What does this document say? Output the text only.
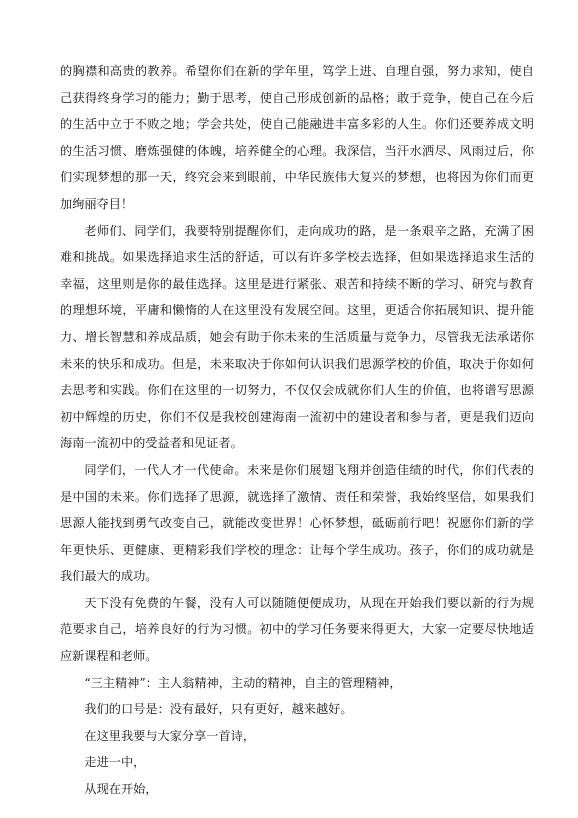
的胸襟和高贵的教养。希望你们在新的学年里，笃学上进、自理自强，努力求知，使自己获得终身学习的能力；勤于思考，使自己形成创新的品格；敢于竞争，使自己在今后的生活中立于不败之地；学会共处，使自己能融进丰富多彩的人生。你们还要养成文明的生活习惯、磨炼强健的体魄，培养健全的心理。我深信，当汗水洒尽、风雨过后，你们实现梦想的那一天，终究会来到眼前，中华民族伟大复兴的梦想，也将因为你们而更加绚丽夺目！

老师们、同学们，我要特别提醒你们，走向成功的路，是一条艰辛之路，充满了困难和挑战。如果选择追求生活的舒适，可以有许多学校去选择，但如果选择追求生活的幸福，这里则是你的最佳选择。这里是进行紧张、艰苦和持续不断的学习、研究与教育的理想环境，平庸和懒惰的人在这里没有发展空间。这里，更适合你拓展知识、提升能力、增长智慧和养成品质，她会有助于你未来的生活质量与竞争力，尽管我无法承诺你未来的快乐和成功。但是，未来取决于你如何认识我们思源学校的价值，取决于你如何去思考和实践。你们在这里的一切努力，不仅仅会成就你们人生的价值，也将谱写思源初中辉煌的历史，你们不仅是我校创建海南一流初中的建设者和参与者，更是我们迈向海南一流初中的受益者和见证者。

同学们，一代人才一代使命。未来是你们展翅飞翔并创造佳绩的时代，你们代表的是中国的未来。你们选择了思源，就选择了激情、责任和荣誉，我始终坚信，如果我们思源人能找到勇气改变自己，就能改变世界！心怀梦想，砥砺前行吧！祝愿你们新的学年更快乐、更健康、更精彩我们学校的理念：让每个学生成功。孩子，你们的成功就是我们最大的成功。

天下没有免费的午餐，没有人可以随随便便成功，从现在开始我们要以新的行为规范要求自己，培养良好的行为习惯。初中的学习任务要来得更大，大家一定要尽快地适应新课程和老师。

“三主精神”：主人翁精神，主动的精神，自主的管理精神，

我们的口号是：没有最好，只有更好，越来越好。

在这里我要与大家分享一首诗，

走进一中，

从现在开始，
